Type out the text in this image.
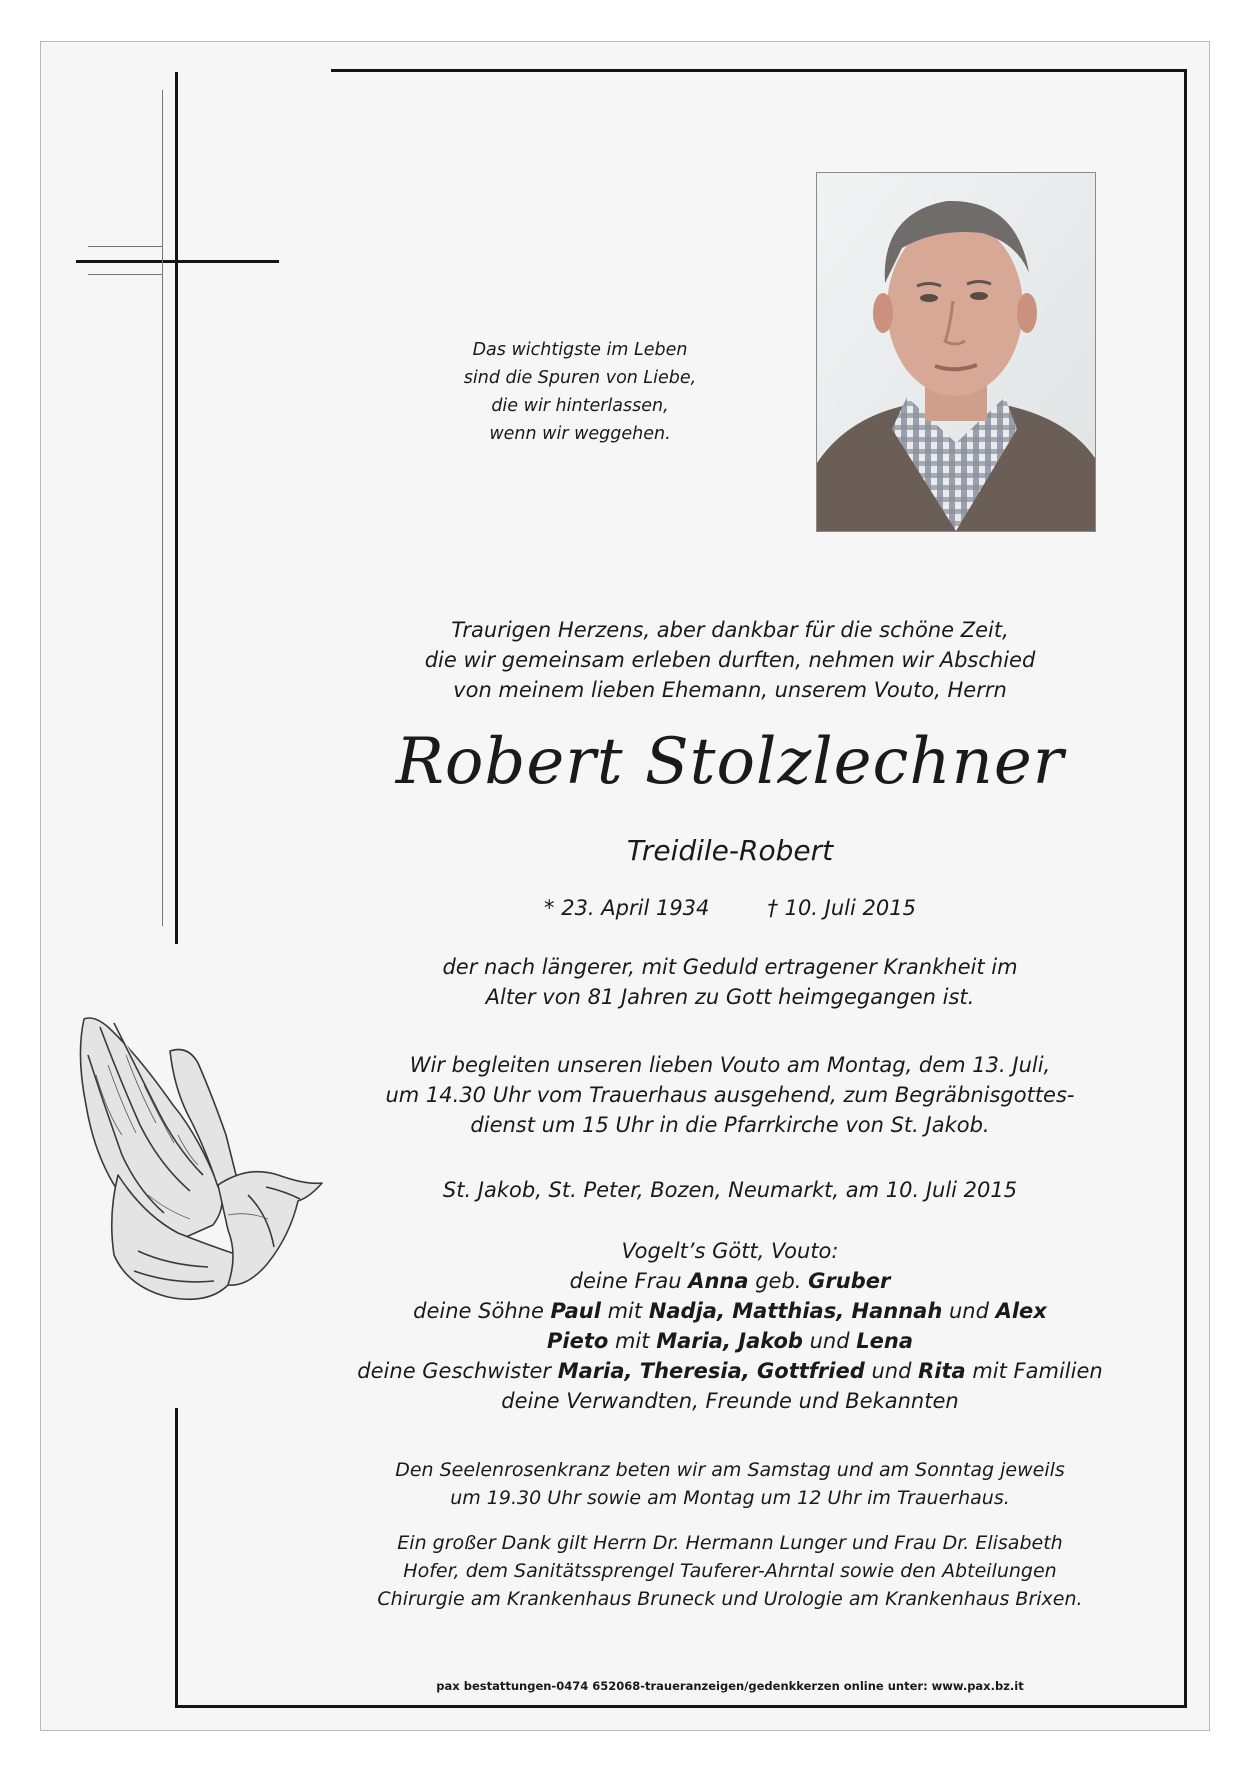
Das wichtigste im Leben
sind die Spuren von Liebe,
die wir hinterlassen,
wenn wir weggehen.
Traurigen Herzens, aber dankbar für die schöne Zeit,
die wir gemeinsam erleben durften, nehmen wir Abschied
von meinem lieben Ehemann, unserem Vouto, Herrn
Robert Stolzlechner
Treidile-Robert
* 23. April 1934	† 10. Juli 2015
der nach längerer, mit Geduld ertragener Krankheit im
Alter von 81 Jahren zu Gott heimgegangen ist.
Wir begleiten unseren lieben Vouto am Montag, dem 13. Juli,
um 14.30 Uhr vom Trauerhaus ausgehend, zum Begräbnisgottes-
dienst um 15 Uhr in die Pfarrkirche von St. Jakob.
St. Jakob, St. Peter, Bozen, Neumarkt, am 10. Juli 2015
Vogelt’s Gött, Vouto:
deine Frau Anna geb. Gruber
deine Söhne Paul mit Nadja, Matthias, Hannah und Alex
Pieto mit Maria, Jakob und Lena
deine Geschwister Maria, Theresia, Gottfried und Rita mit Familien
deine Verwandten, Freunde und Bekannten
Den Seelenrosenkranz beten wir am Samstag und am Sonntag jeweils
um 19.30 Uhr sowie am Montag um 12 Uhr im Trauerhaus.
Ein großer Dank gilt Herrn Dr. Hermann Lunger und Frau Dr. Elisabeth
Hofer, dem Sanitätssprengel Tauferer-Ahrntal sowie den Abteilungen
Chirurgie am Krankenhaus Bruneck und Urologie am Krankenhaus Brixen.
pax bestattungen-0474 652068-traueranzeigen/gedenkkerzen online unter: www.pax.bz.it
